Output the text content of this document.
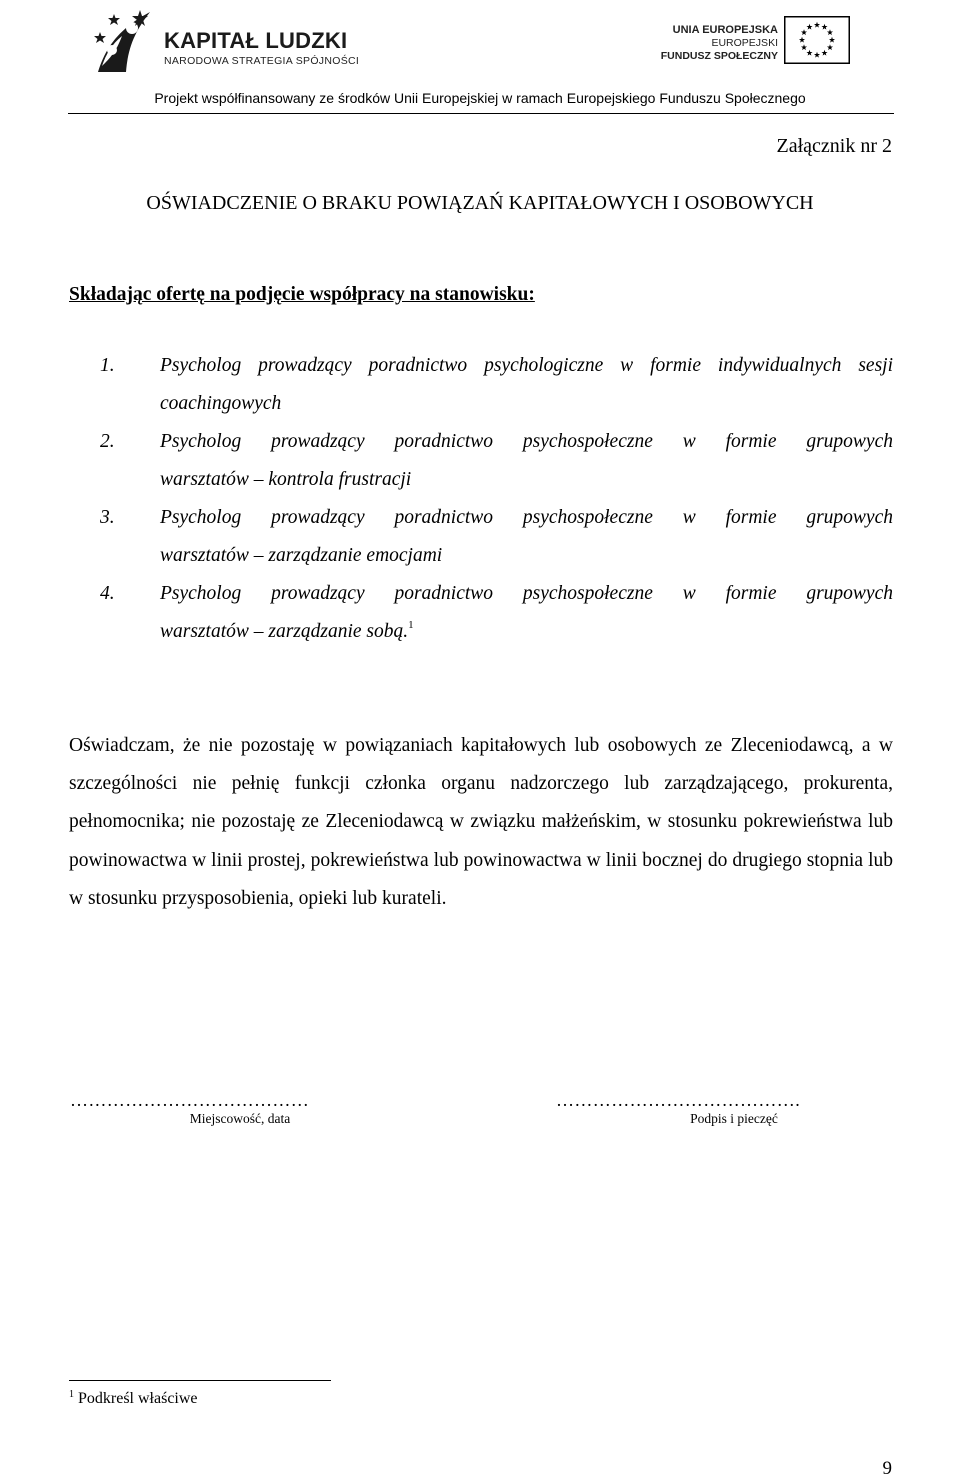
KAPITAŁ LUDZKI
NARODOWA STRATEGIA SPÓJNOŚCI
UNIA EUROPEJSKA
EUROPEJSKI
FUNDUSZ SPOŁECZNY
Projekt współfinansowany ze środków Unii Europejskiej w ramach Europejskiego Funduszu Społecznego
Załącznik nr 2
OŚWIADCZENIE O BRAKU POWIĄZAŃ KAPITAŁOWYCH I OSOBOWYCH
Składając ofertę na podjęcie współpracy na stanowisku:
1.	Psycholog prowadzący poradnictwo psychologiczne w formie indywidualnych sesji
coachingowych
2.	Psycholog prowadzący poradnictwo psychospołeczne w formie grupowych
warsztatów – kontrola frustracji
3.	Psycholog prowadzący poradnictwo psychospołeczne w formie grupowych
warsztatów – zarządzanie emocjami
4.	Psycholog prowadzący poradnictwo psychospołeczne w formie grupowych
warsztatów – zarządzanie sobą.$^1$
Oświadczam, że nie pozostaję w powiązaniach kapitałowych lub osobowych ze Zleceniodawcą, a w szczególności nie pełnię funkcji członka organu nadzorczego lub zarządzającego, prokurenta, pełnomocnika; nie pozostaję ze Zleceniodawcą w związku małżeńskim, w stosunku pokrewieństwa lub powinowactwa w linii prostej, pokrewieństwa lub powinowactwa w linii bocznej do drugiego stopnia lub w stosunku przysposobienia, opieki lub kurateli.
…………………………………
Miejscowość, data
………………………………….
Podpis i pieczęć
$^1$ Podkreśl właściwe
9
